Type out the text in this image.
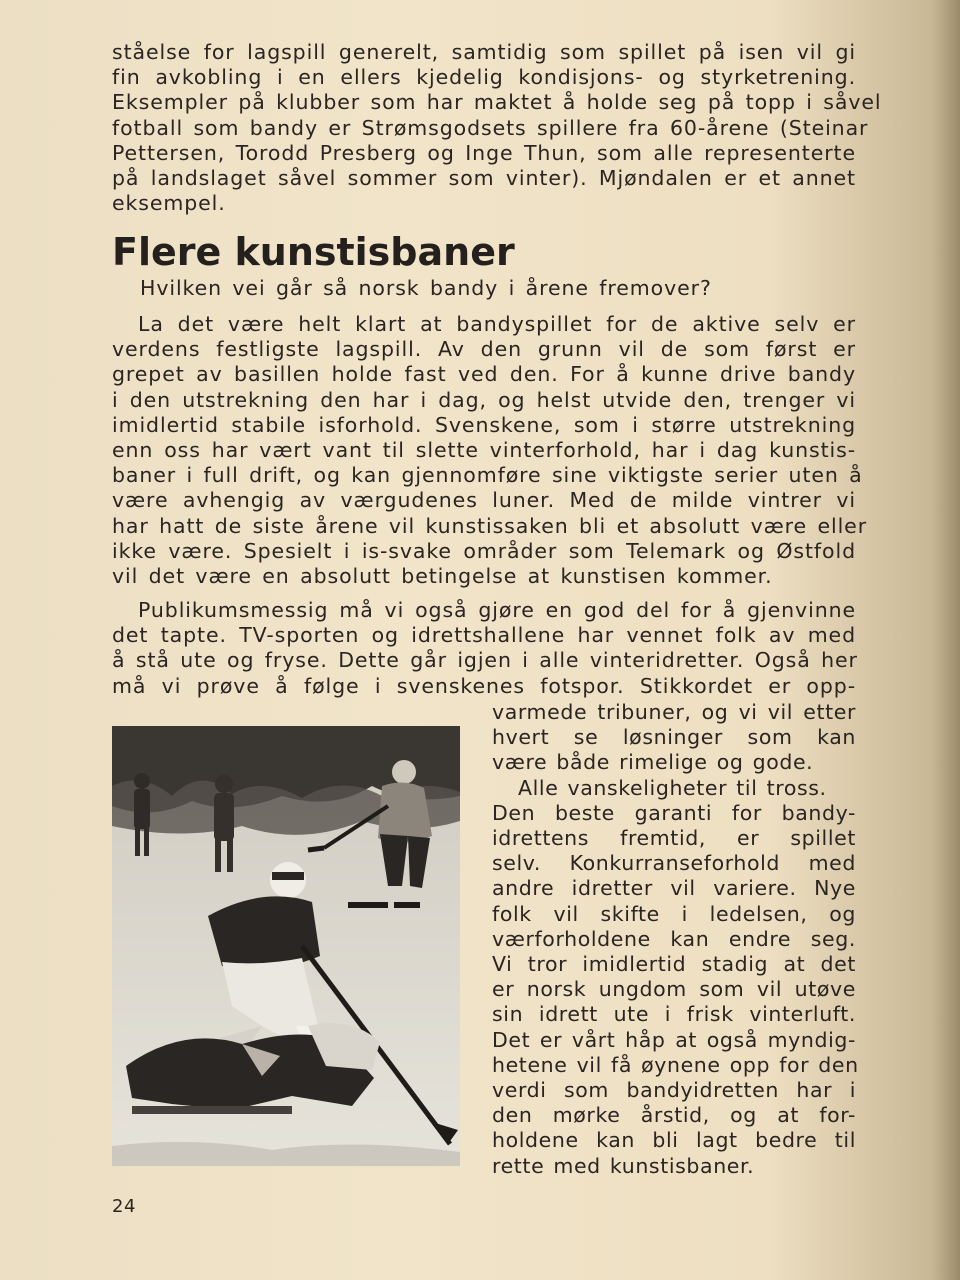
ståelse for lagspill generelt, samtidig som spillet på isen vil gi
fin avkobling i en ellers kjedelig kondisjons- og styrketrening.
Eksempler på klubber som har maktet å holde seg på topp i såvel
fotball som bandy er Strømsgodsets spillere fra 60-årene (Steinar
Pettersen, Torodd Presberg og Inge Thun, som alle representerte
på landslaget såvel sommer som vinter). Mjøndalen er et annet
eksempel.
Flere kunstisbaner
Hvilken vei går så norsk bandy i årene fremover?
La det være helt klart at bandyspillet for de aktive selv er
verdens festligste lagspill. Av den grunn vil de som først er
grepet av basillen holde fast ved den. For å kunne drive bandy
i den utstrekning den har i dag, og helst utvide den, trenger vi
imidlertid stabile isforhold. Svenskene, som i større utstrekning
enn oss har vært vant til slette vinterforhold, har i dag kunstis-
baner i full drift, og kan gjennomføre sine viktigste serier uten å
være avhengig av værgudenes luner. Med de milde vintrer vi
har hatt de siste årene vil kunstissaken bli et absolutt være eller
ikke være. Spesielt i is-svake områder som Telemark og Østfold
vil det være en absolutt betingelse at kunstisen kommer.
Publikumsmessig må vi også gjøre en god del for å gjenvinne
det tapte. TV-sporten og idrettshallene har vennet folk av med
å stå ute og fryse. Dette går igjen i alle vinteridretter. Også her
må vi prøve å følge i svenskenes fotspor. Stikkordet er opp-
varmede tribuner, og vi vil etter
hvert se løsninger som kan
være både rimelige og gode.
Alle vanskeligheter til tross.
Den beste garanti for bandy-
idrettens fremtid, er spillet
selv. Konkurranseforhold med
andre idretter vil variere. Nye
folk vil skifte i ledelsen, og
værforholdene kan endre seg.
Vi tror imidlertid stadig at det
er norsk ungdom som vil utøve
sin idrett ute i frisk vinterluft.
Det er vårt håp at også myndig-
hetene vil få øynene opp for den
verdi som bandyidretten har i
den mørke årstid, og at for-
holdene kan bli lagt bedre til
rette med kunstisbaner.
24
